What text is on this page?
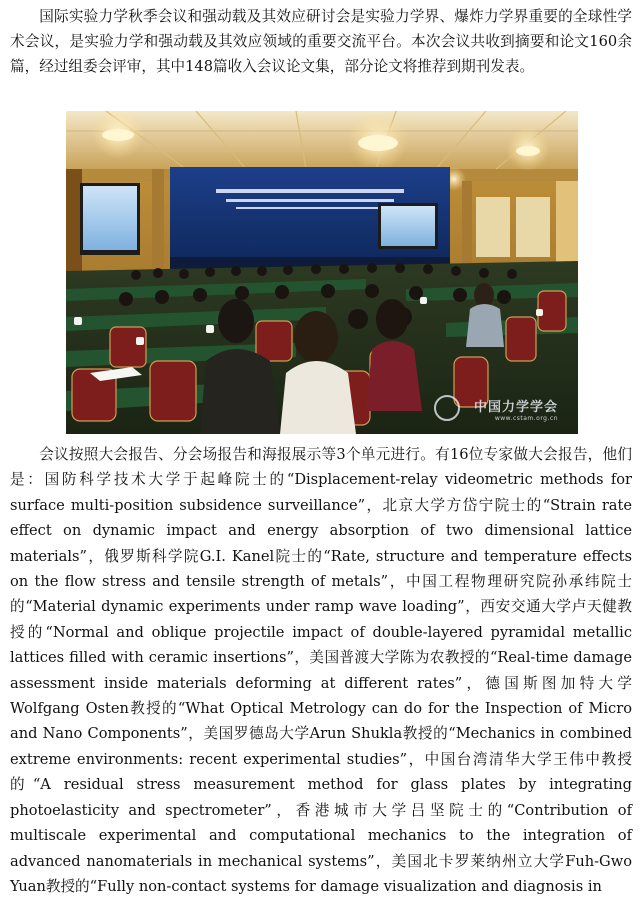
国际实验力学秋季会议和强动载及其效应研讨会是实验力学界、爆炸力学界重要的全球性学术会议，是实验力学和强动载及其效应领域的重要交流平台。本次会议共收到摘要和论文160余篇，经过组委会评审，其中148篇收入会议论文集，部分论文将推荐到期刊发表。

中国力学学会
www.cstam.org.cn

会议按照大会报告、分会场报告和海报展示等3个单元进行。有16位专家做大会报告，他们是：国防科学技术大学于起峰院士的“Displacement-relay videometric methods for surface multi-position subsidence surveillance”，北京大学方岱宁院士的“Strain rate effect on dynamic impact and energy absorption of two dimensional lattice materials”，俄罗斯科学院G.I. Kanel院士的“Rate, structure and temperature effects on the flow stress and tensile strength of metals”，中国工程物理研究院孙承纬院士的“Material dynamic experiments under ramp wave loading”，西安交通大学卢天健教授的“Normal and oblique projectile impact of double-layered pyramidal metallic lattices filled with ceramic insertions”，美国普渡大学陈为农教授的“Real-time damage assessment inside materials deforming at different rates”，德国斯图加特大学Wolfgang Osten教授的“What Optical Metrology can do for the Inspection of Micro and Nano Components”，美国罗德岛大学Arun Shukla教授的“Mechanics in combined extreme environments: recent experimental studies”，中国台湾清华大学王伟中教授的“A residual stress measurement method for glass plates by integrating photoelasticity and spectrometer”，香港城市大学吕坚院士的“Contribution of multiscale experimental and computational mechanics to the integration of advanced nanomaterials in mechanical systems”，美国北卡罗莱纳州立大学Fuh-Gwo Yuan教授的“Fully non-contact systems for damage visualization and diagnosis in
